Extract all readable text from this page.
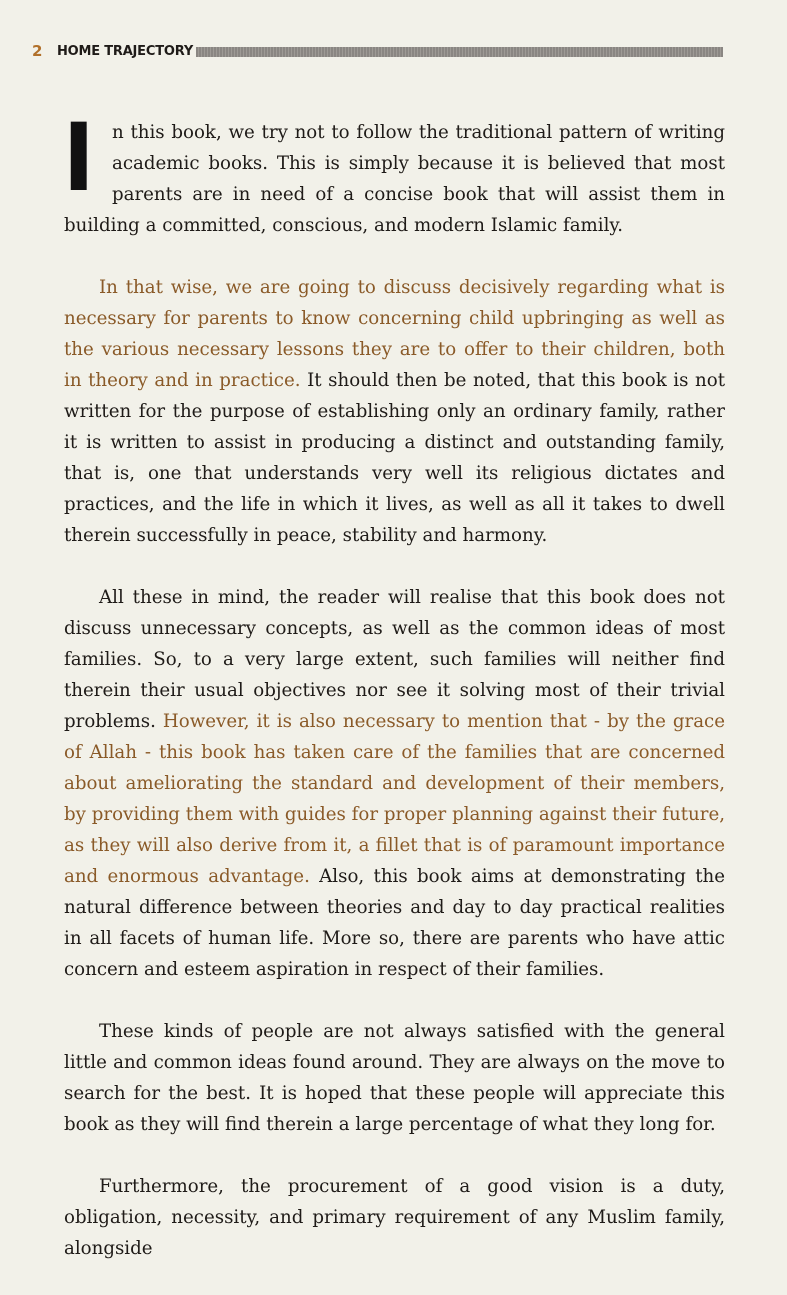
2 HOME TRAJECTORY

In this book, we try not to follow the traditional pattern of writing academic books. This is simply because it is believed that most parents are in need of a concise book that will assist them in building a committed, conscious, and modern Islamic family.

In that wise, we are going to discuss decisively regarding what is necessary for parents to know concerning child upbringing as well as the various necessary lessons they are to offer to their children, both in theory and in practice. It should then be noted, that this book is not written for the purpose of establishing only an ordinary family, rather it is written to assist in producing a distinct and outstanding family, that is, one that understands very well its religious dictates and practices, and the life in which it lives, as well as all it takes to dwell therein successfully in peace, stability and harmony.

All these in mind, the reader will realise that this book does not discuss unnecessary concepts, as well as the common ideas of most families. So, to a very large extent, such families will neither find therein their usual objectives nor see it solving most of their trivial problems. However, it is also necessary to mention that - by the grace of Allah - this book has taken care of the families that are concerned about ameliorating the standard and development of their members, by providing them with guides for proper planning against their future, as they will also derive from it, a fillet that is of paramount importance and enormous advantage. Also, this book aims at demonstrating the natural difference between theories and day to day practical realities in all facets of human life. More so, there are parents who have attic concern and esteem aspiration in respect of their families.

These kinds of people are not always satisfied with the general little and common ideas found around. They are always on the move to search for the best. It is hoped that these people will appreciate this book as they will find therein a large percentage of what they long for.

Furthermore, the procurement of a good vision is a duty, obligation, necessity, and primary requirement of any Muslim family, alongside
